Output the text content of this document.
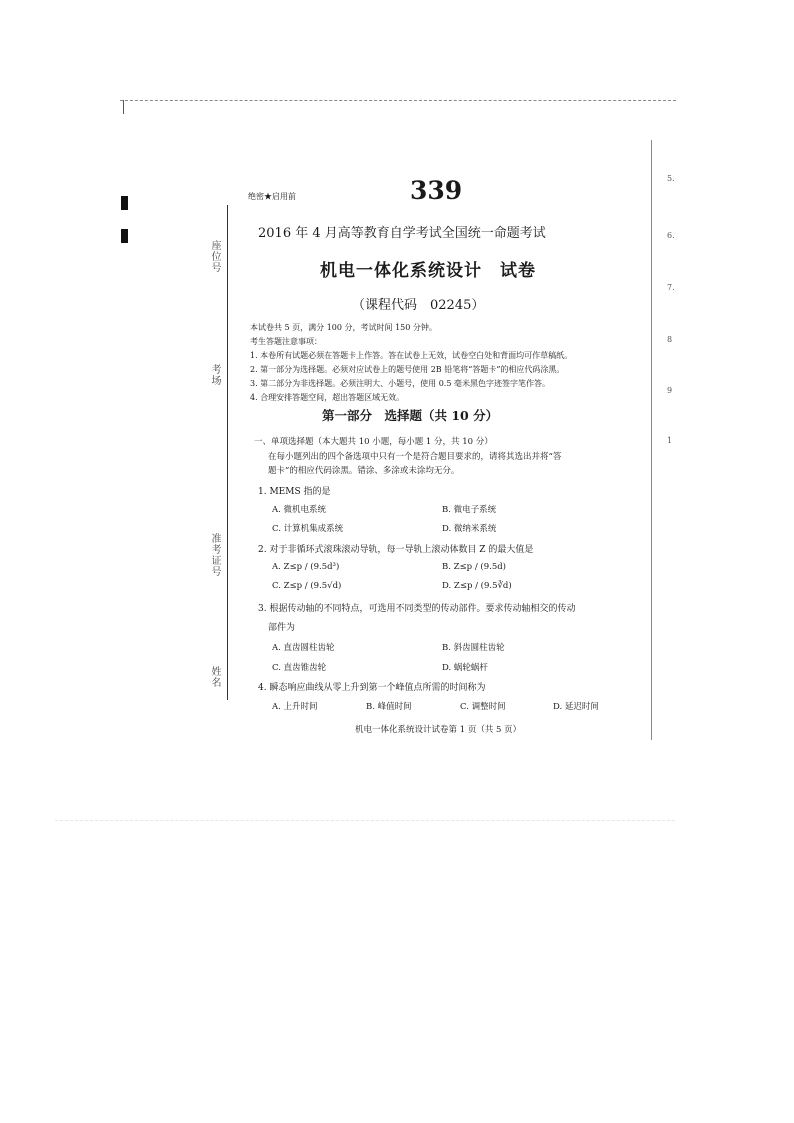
座位号
考场
准考证号
姓名
5.
6.
7.
8
9
1
绝密★启用前	339
2016 年 4 月高等教育自学考试全国统一命题考试
机电一体化系统设计　试卷
（课程代码　02245）
本试卷共 5 页，满分 100 分，考试时间 150 分钟。
考生答题注意事项：
1. 本卷所有试题必须在答题卡上作答。答在试卷上无效，试卷空白处和背面均可作草稿纸。
2. 第一部分为选择题。必须对应试卷上的题号使用 2B 铅笔将“答题卡”的相应代码涂黑。
3. 第二部分为非选择题。必须注明大、小题号，使用 0.5 毫米黑色字迹签字笔作答。
4. 合理安排答题空间，超出答题区域无效。
第一部分　选择题（共 10 分）
一、单项选择题（本大题共 10 小题，每小题 1 分，共 10 分）
在每小题列出的四个备选项中只有一个是符合题目要求的，请将其选出并将“答
题卡”的相应代码涂黑。错涂、多涂或未涂均无分。
1. MEMS 指的是
A. 微机电系统	B. 微电子系统
C. 计算机集成系统	D. 微纳米系统
2. 对于非循环式滚珠滚动导轨，每一导轨上滚动体数目 Z 的最大值是
A. Z≤p / (9.5d³)	B. Z≤p / (9.5d)
C. Z≤p / (9.5√d)	D. Z≤p / (9.5∛d)
3. 根据传动轴的不同特点，可选用不同类型的传动部件。要求传动轴相交的传动
部件为
A. 直齿圆柱齿轮	B. 斜齿圆柱齿轮
C. 直齿锥齿轮	D. 蜗轮蜗杆
4. 瞬态响应曲线从零上升到第一个峰值点所需的时间称为
A. 上升时间	B. 峰值时间	C. 调整时间	D. 延迟时间
机电一体化系统设计试卷第 1 页（共 5 页）
